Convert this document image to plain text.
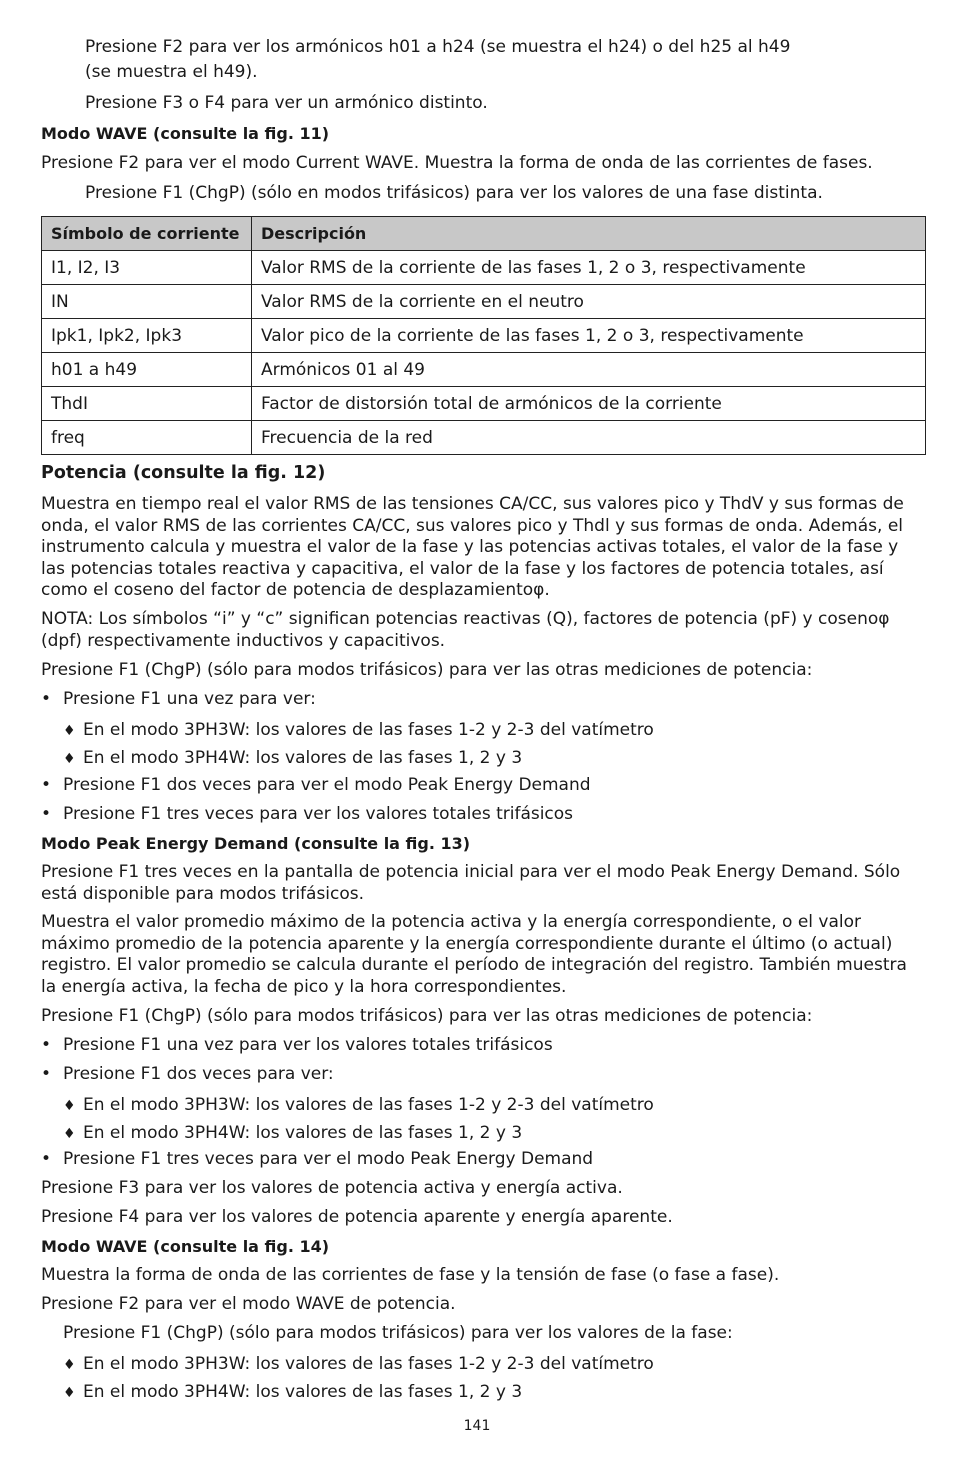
Presione F2 para ver los armónicos h01 a h24 (se muestra el h24) o del h25 al h49

(se muestra el h49).

Presione F3 o F4 para ver un armónico distinto.

Modo WAVE (consulte la fig. 11)

Presione F2 para ver el modo Current WAVE. Muestra la forma de onda de las corrientes de fases.

Presione F1 (ChgP) (sólo en modos trifásicos) para ver los valores de una fase distinta.

Símbolo de corriente	Descripción
I1, I2, I3	Valor RMS de la corriente de las fases 1, 2 o 3, respectivamente
IN	Valor RMS de la corriente en el neutro
Ipk1, Ipk2, Ipk3	Valor pico de la corriente de las fases 1, 2 o 3, respectivamente
h01 a h49	Armónicos 01 al 49
ThdI	Factor de distorsión total de armónicos de la corriente
freq	Frecuencia de la red

Potencia (consulte la fig. 12)

Muestra en tiempo real el valor RMS de las tensiones CA/CC, sus valores pico y ThdV y sus formas de onda, el valor RMS de las corrientes CA/CC, sus valores pico y Thdl y sus formas de onda. Además, el instrumento calcula y muestra el valor de la fase y las potencias activas totales, el valor de la fase y las potencias totales reactiva y capacitiva, el valor de la fase y los factores de potencia totales, así como el coseno del factor de potencia de desplazamientoφ.

NOTA: Los símbolos “i” y “c” significan potencias reactivas (Q), factores de potencia (pF) y cosenoφ (dpf) respectivamente inductivos y capacitivos.

Presione F1 (ChgP) (sólo para modos trifásicos) para ver las otras mediciones de potencia:

• Presione F1 una vez para ver:
♦ En el modo 3PH3W: los valores de las fases 1-2 y 2-3 del vatímetro
♦ En el modo 3PH4W: los valores de las fases 1, 2 y 3
• Presione F1 dos veces para ver el modo Peak Energy Demand
• Presione F1 tres veces para ver los valores totales trifásicos

Modo Peak Energy Demand (consulte la fig. 13)

Presione F1 tres veces en la pantalla de potencia inicial para ver el modo Peak Energy Demand. Sólo está disponible para modos trifásicos.

Muestra el valor promedio máximo de la potencia activa y la energía correspondiente, o el valor máximo promedio de la potencia aparente y la energía correspondiente durante el último (o actual) registro. El valor promedio se calcula durante el período de integración del registro. También muestra la energía activa, la fecha de pico y la hora correspondientes.

Presione F1 (ChgP) (sólo para modos trifásicos) para ver las otras mediciones de potencia:

• Presione F1 una vez para ver los valores totales trifásicos
• Presione F1 dos veces para ver:
♦ En el modo 3PH3W: los valores de las fases 1-2 y 2-3 del vatímetro
♦ En el modo 3PH4W: los valores de las fases 1, 2 y 3
• Presione F1 tres veces para ver el modo Peak Energy Demand

Presione F3 para ver los valores de potencia activa y energía activa.

Presione F4 para ver los valores de potencia aparente y energía aparente.

Modo WAVE (consulte la fig. 14)

Muestra la forma de onda de las corrientes de fase y la tensión de fase (o fase a fase).

Presione F2 para ver el modo WAVE de potencia.

Presione F1 (ChgP) (sólo para modos trifásicos) para ver los valores de la fase:

♦ En el modo 3PH3W: los valores de las fases 1-2 y 2-3 del vatímetro
♦ En el modo 3PH4W: los valores de las fases 1, 2 y 3
141
